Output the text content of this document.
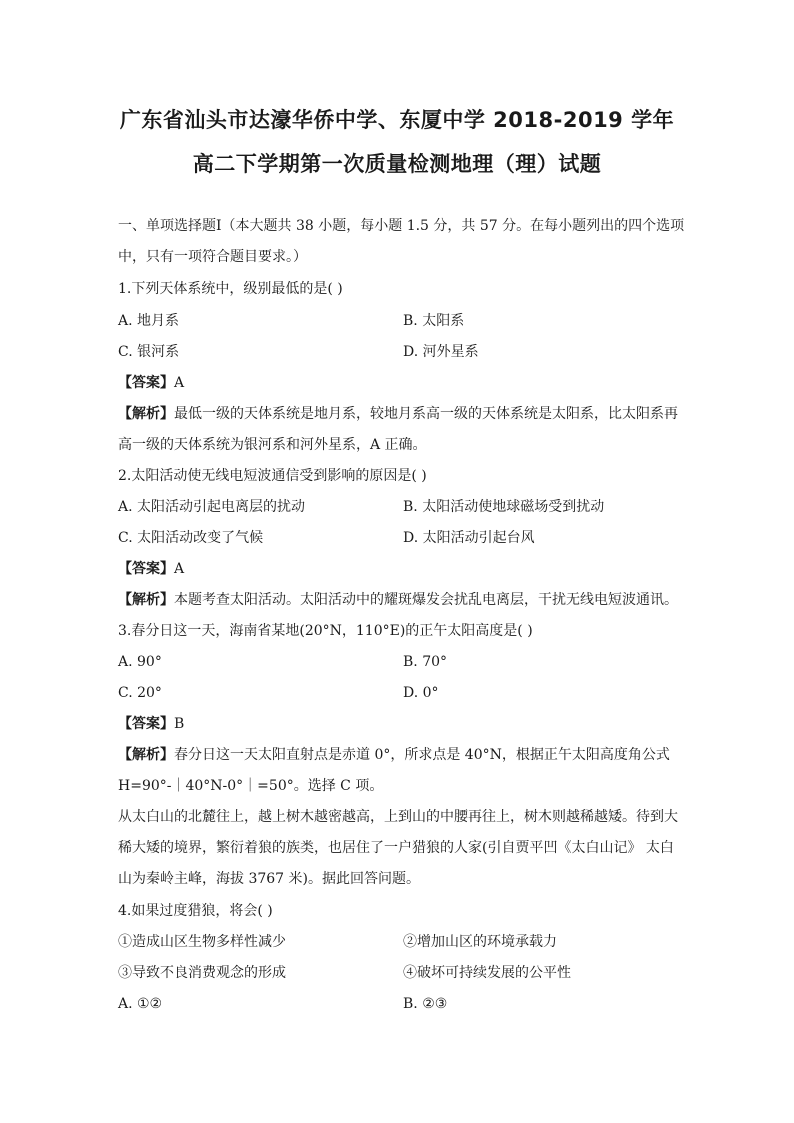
广东省汕头市达濠华侨中学、东厦中学 2018-2019 学年
高二下学期第一次质量检测地理（理）试题
一、单项选择题Ⅰ（本大题共 38 小题，每小题 1.5 分，共 57 分。在每小题列出的四个选项
中，只有一项符合题目要求。）
1.下列天体系统中，级别最低的是( )
A. 地月系	B. 太阳系
C. 银河系	D. 河外星系
【答案】A
【解析】最低一级的天体系统是地月系，较地月系高一级的天体系统是太阳系，比太阳系再
高一级的天体系统为银河系和河外星系，A 正确。
2.太阳活动使无线电短波通信受到影响的原因是( )
A. 太阳活动引起电离层的扰动	B. 太阳活动使地球磁场受到扰动
C. 太阳活动改变了气候	D. 太阳活动引起台风
【答案】A
【解析】本题考查太阳活动。太阳活动中的耀斑爆发会扰乱电离层，干扰无线电短波通讯。
3.春分日这一天，海南省某地(20°N，110°E)的正午太阳高度是( )
A. 90°	B. 70°
C. 20°	D. 0°
【答案】B
【解析】春分日这一天太阳直射点是赤道 0°，所求点是 40°N，根据正午太阳高度角公式
H=90°-｜40°N-0°｜=50°。选择 C 项。
从太白山的北麓往上，越上树木越密越高，上到山的中腰再往上，树木则越稀越矮。待到大
稀大矮的境界，繁衍着狼的族类，也居住了一户猎狼的人家(引自贾平凹《太白山记》 太白
山为秦岭主峰，海拔 3767 米)。据此回答问题。
4.如果过度猎狼，将会( )
①造成山区生物多样性减少	②增加山区的环境承载力
③导致不良消费观念的形成	④破坏可持续发展的公平性
A. ①②	B. ②③
